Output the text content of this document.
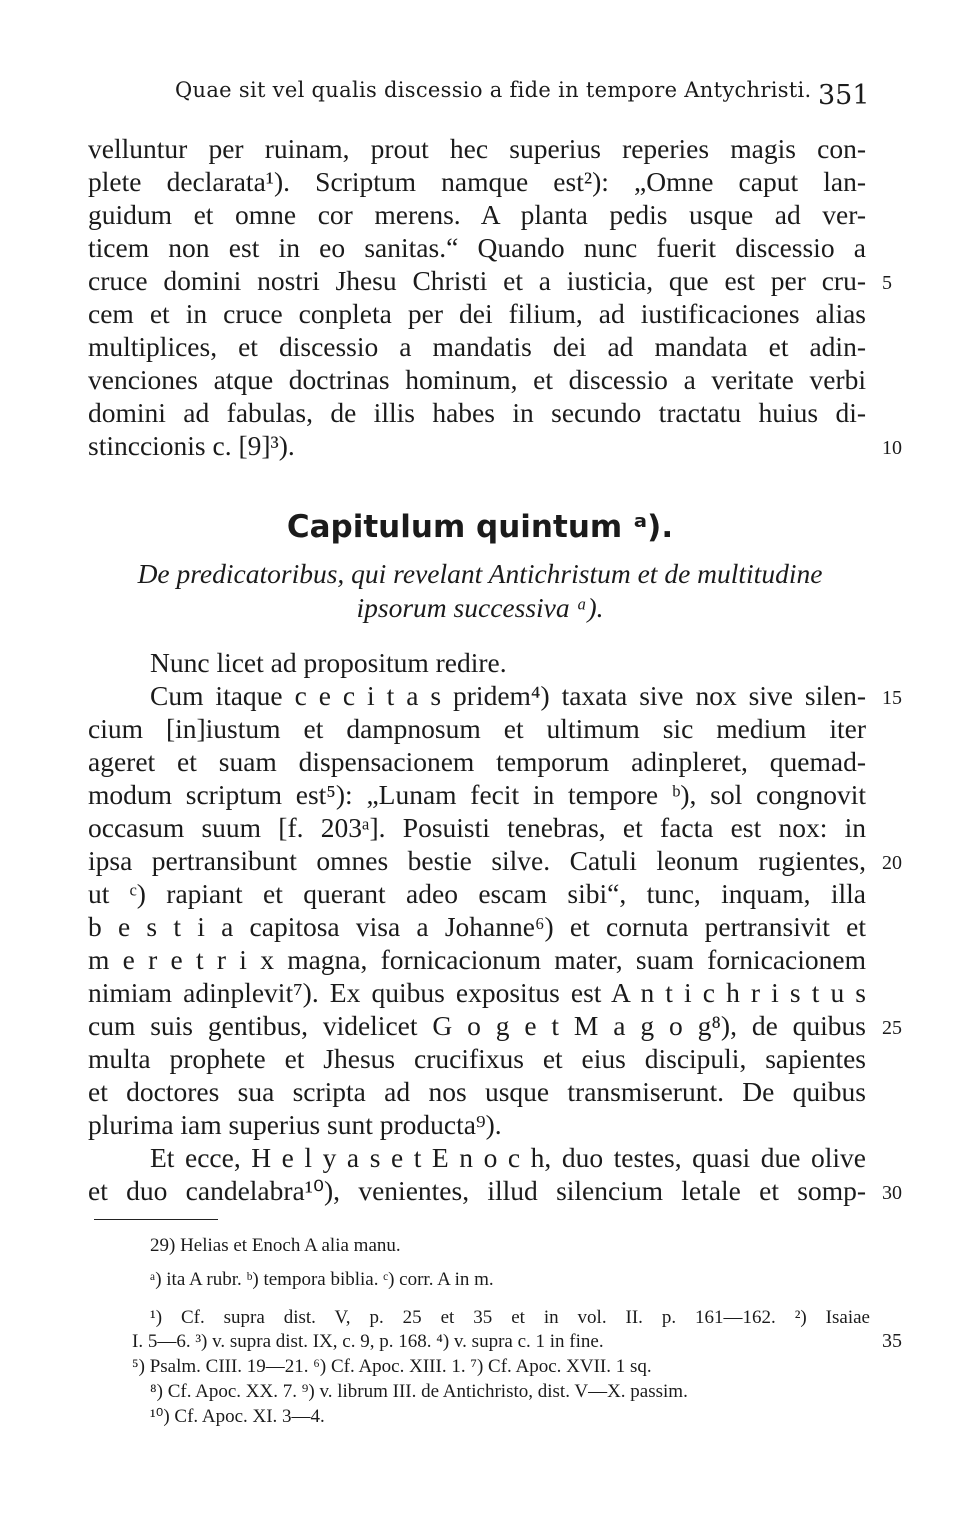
Quae sit vel qualis discessio a fide in tempore Antychristi. 351
velluntur per ruinam, prout hec superius reperies magis con-
plete declarata¹). Scriptum namque est²): „Omne caput lan-
guidum et omne cor merens. A planta pedis usque ad ver-
ticem non est in eo sanitas.“ Quando nunc fuerit discessio a
cruce domini nostri Jhesu Christi et a iusticia, que est per cru-
cem et in cruce conpleta per dei filium, ad iustificaciones alias
multiplices, et discessio a mandatis dei ad mandata et adin-
venciones atque doctrinas hominum, et discessio a veritate verbi
domini ad fabulas, de illis habes in secundo tractatu huius di-
stinccionis c. [9]³).
Capitulum quintum ᵃ).
De predicatoribus, qui revelant Antichristum et de multitudine
ipsorum successiva ᵃ).
Nunc licet ad propositum redire.
Cum itaque c e c i t a s pridem⁴) taxata sive nox sive silen-
cium [in]iustum et dampnosum et ultimum sic medium iter
ageret et suam dispensacionem temporum adinpleret, quemad-
modum scriptum est⁵): „Lunam fecit in tempore ᵇ), sol congnovit
occasum suum [f. 203ᵃ]. Posuisti tenebras, et facta est nox: in
ipsa pertransibunt omnes bestie silve. Catuli leonum rugientes,
ut ᶜ) rapiant et querant adeo escam sibi“, tunc, inquam, illa
b e s t i a capitosa visa a Johanne⁶) et cornuta pertransivit et
m e r e t r i x magna, fornicacionum mater, suam fornicacionem
nimiam adinplevit⁷). Ex quibus expositus est A n t i c h r i s t u s
cum suis gentibus, videlicet G o g e t M a g o g⁸), de quibus
multa prophete et Jhesus crucifixus et eius discipuli, sapientes
et doctores sua scripta ad nos usque transmiserunt. De quibus
plurima iam superius sunt producta⁹).
Et ecce, H e l y a s e t E n o c h, duo testes, quasi due olive
et duo candelabra¹⁰), venientes, illud silencium letale et somp-
5
10
15
20
25
30
35
29) Helias et Enoch A alia manu.
ᵃ) ita A rubr. ᵇ) tempora biblia. ᶜ) corr. A in m.
¹) Cf. supra dist. V, p. 25 et 35 et in vol. II. p. 161—162. ²) Isaiae
I. 5—6. ³) v. supra dist. IX, c. 9, p. 168. ⁴) v. supra c. 1 in fine.
⁵) Psalm. CIII. 19—21. ⁶) Cf. Apoc. XIII. 1. ⁷) Cf. Apoc. XVII. 1 sq.
⁸) Cf. Apoc. XX. 7. ⁹) v. librum III. de Antichristo, dist. V—X. passim.
¹⁰) Cf. Apoc. XI. 3—4.
